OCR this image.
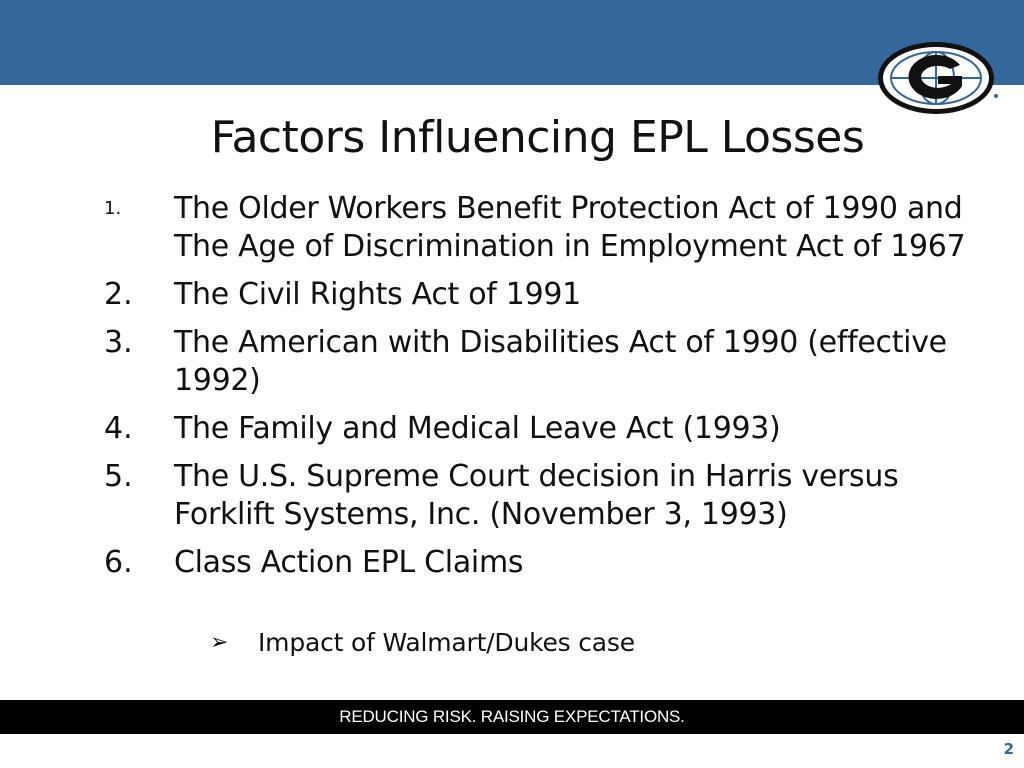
Factors Influencing EPL Losses
1.	The Older Workers Benefit Protection Act of 1990 and The Age of Discrimination in Employment Act of 1967
2.	The Civil Rights Act of 1991
3.	The American with Disabilities Act of 1990 (effective 1992)
4.	The Family and Medical Leave Act (1993)
5.	The U.S. Supreme Court decision in Harris versus Forklift Systems, Inc. (November 3, 1993)
6.	Class Action EPL Claims
➢	Impact of Walmart/Dukes case
REDUCING RISK. RAISING EXPECTATIONS.
2
